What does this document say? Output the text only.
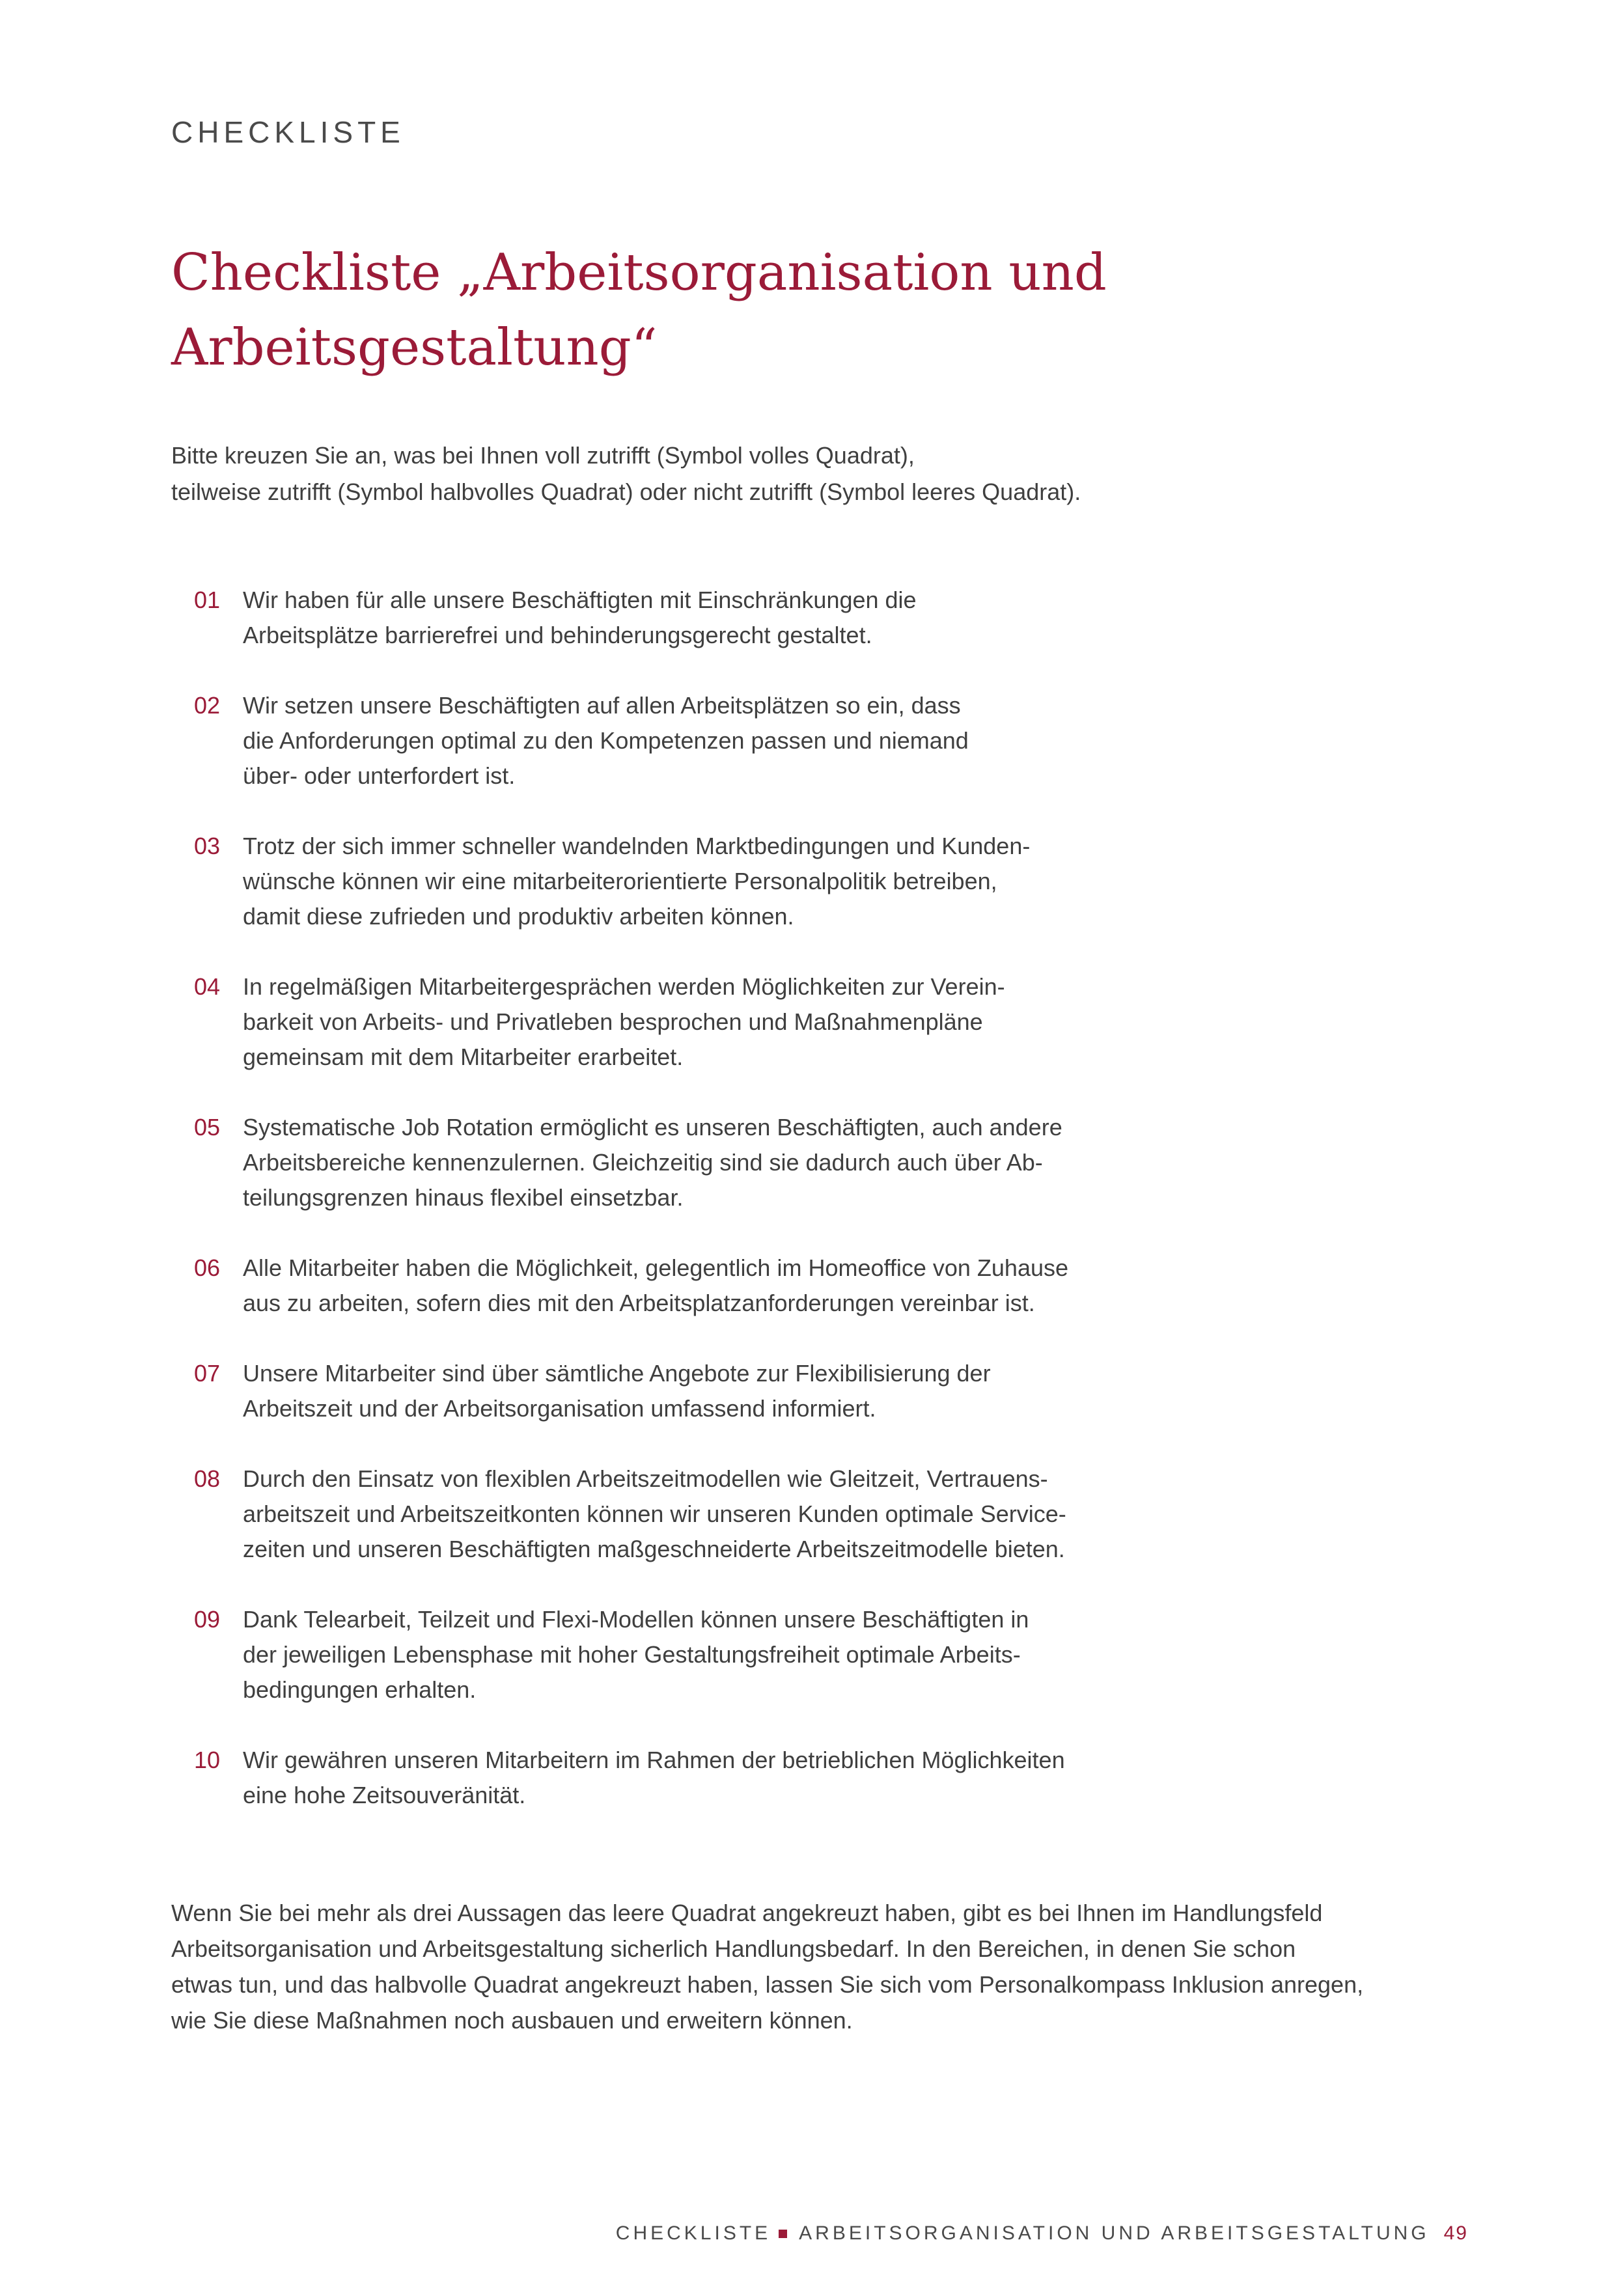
CHECKLISTE
Checkliste „Arbeitsorganisation und Arbeitsgestaltung“
Bitte kreuzen Sie an, was bei Ihnen voll zutrifft (Symbol volles Quadrat),
teilweise zutrifft (Symbol halbvolles Quadrat) oder nicht zutrifft (Symbol leeres Quadrat).
01 Wir haben für alle unsere Beschäftigten mit Einschränkungen die
Arbeitsplätze barrierefrei und behinderungsgerecht gestaltet.
02 Wir setzen unsere Beschäftigten auf allen Arbeitsplätzen so ein, dass
die Anforderungen optimal zu den Kompetenzen passen und niemand
über- oder unterfordert ist.
03 Trotz der sich immer schneller wandelnden Marktbedingungen und Kunden-
wünsche können wir eine mitarbeiterorientierte Personalpolitik betreiben,
damit diese zufrieden und produktiv arbeiten können.
04 In regelmäßigen Mitarbeitergesprächen werden Möglichkeiten zur Verein-
barkeit von Arbeits- und Privatleben besprochen und Maßnahmenpläne
gemeinsam mit dem Mitarbeiter erarbeitet.
05 Systematische Job Rotation ermöglicht es unseren Beschäftigten, auch andere
Arbeitsbereiche kennenzulernen. Gleichzeitig sind sie dadurch auch über Ab-
teilungsgrenzen hinaus flexibel einsetzbar.
06 Alle Mitarbeiter haben die Möglichkeit, gelegentlich im Homeoffice von Zuhause
aus zu arbeiten, sofern dies mit den Arbeitsplatzanforderungen vereinbar ist.
07 Unsere Mitarbeiter sind über sämtliche Angebote zur Flexibilisierung der
Arbeitszeit und der Arbeitsorganisation umfassend informiert.
08 Durch den Einsatz von flexiblen Arbeitszeitmodellen wie Gleitzeit, Vertrauens-
arbeitszeit und Arbeitszeitkonten können wir unseren Kunden optimale Service-
zeiten und unseren Beschäftigten maßgeschneiderte Arbeitszeitmodelle bieten.
09 Dank Telearbeit, Teilzeit und Flexi-Modellen können unsere Beschäftigten in
der jeweiligen Lebensphase mit hoher Gestaltungsfreiheit optimale Arbeits-
bedingungen erhalten.
10 Wir gewähren unseren Mitarbeitern im Rahmen der betrieblichen Möglichkeiten
eine hohe Zeitsouveränität.
Wenn Sie bei mehr als drei Aussagen das leere Quadrat angekreuzt haben, gibt es bei Ihnen im Handlungsfeld
Arbeitsorganisation und Arbeitsgestaltung sicherlich Handlungsbedarf. In den Bereichen, in denen Sie schon
etwas tun, und das halbvolle Quadrat angekreuzt haben, lassen Sie sich vom Personalkompass Inklusion anregen,
wie Sie diese Maßnahmen noch ausbauen und erweitern können.
CHECKLISTE ARBEITSORGANISATION UND ARBEITSGESTALTUNG 49
